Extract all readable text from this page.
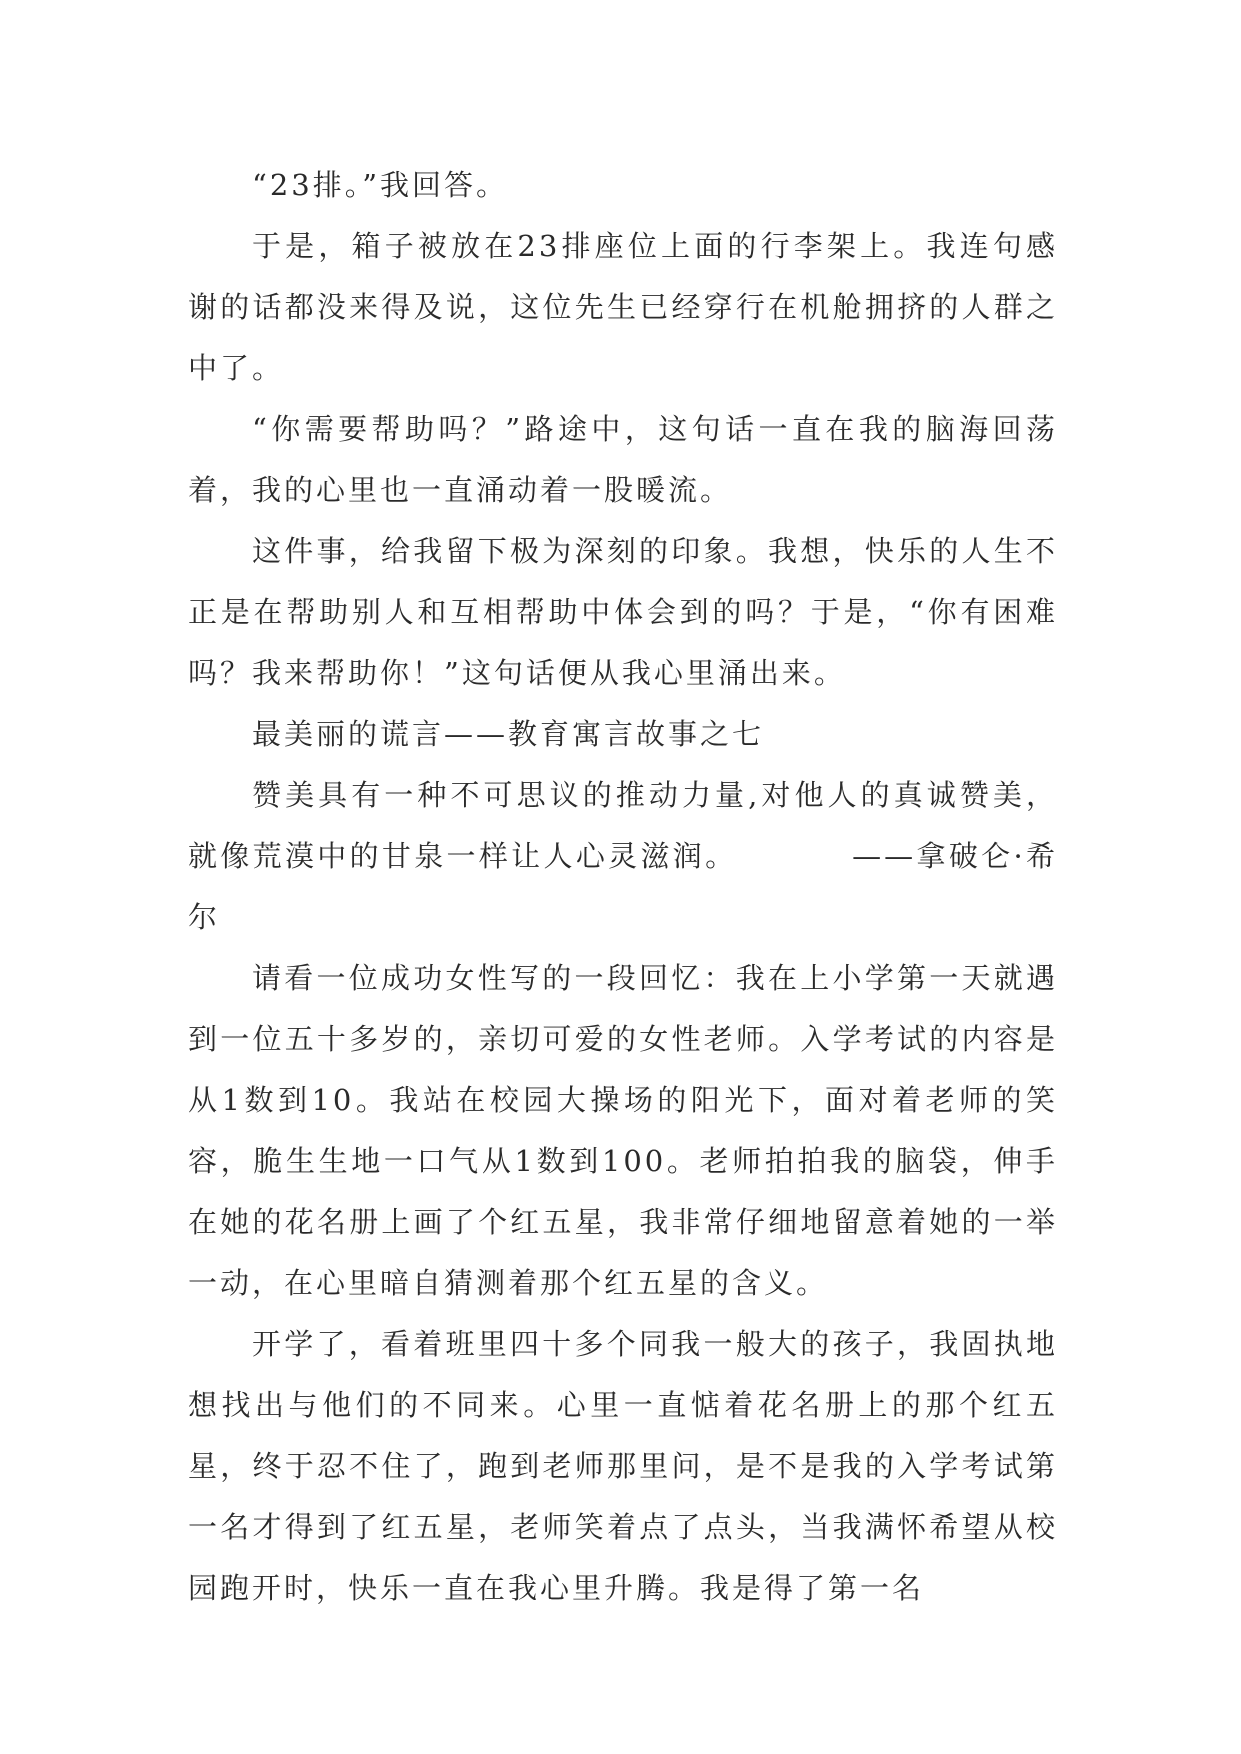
“23排。”我回答。

于是，箱子被放在23排座位上面的行李架上。我连句感谢的话都没来得及说，这位先生已经穿行在机舱拥挤的人群之中了。

“你需要帮助吗？”路途中，这句话一直在我的脑海回荡着，我的心里也一直涌动着一股暖流。

这件事，给我留下极为深刻的印象。我想，快乐的人生不正是在帮助别人和互相帮助中体会到的吗？于是，“你有困难吗？我来帮助你！”这句话便从我心里涌出来。

最美丽的谎言——教育寓言故事之七

赞美具有一种不可思议的推动力量,对他人的真诚赞美，就像荒漠中的甘泉一样让人心灵滋润。　　　　——拿破仑·希尔

请看一位成功女性写的一段回忆：我在上小学第一天就遇到一位五十多岁的，亲切可爱的女性老师。入学考试的内容是从1数到10。我站在校园大操场的阳光下，面对着老师的笑容，脆生生地一口气从1数到100。老师拍拍我的脑袋，伸手在她的花名册上画了个红五星，我非常仔细地留意着她的一举一动，在心里暗自猜测着那个红五星的含义。

开学了，看着班里四十多个同我一般大的孩子，我固执地想找出与他们的不同来。心里一直惦着花名册上的那个红五星，终于忍不住了，跑到老师那里问，是不是我的入学考试第一名才得到了红五星，老师笑着点了点头，当我满怀希望从校园跑开时，快乐一直在我心里升腾。我是得了第一名
